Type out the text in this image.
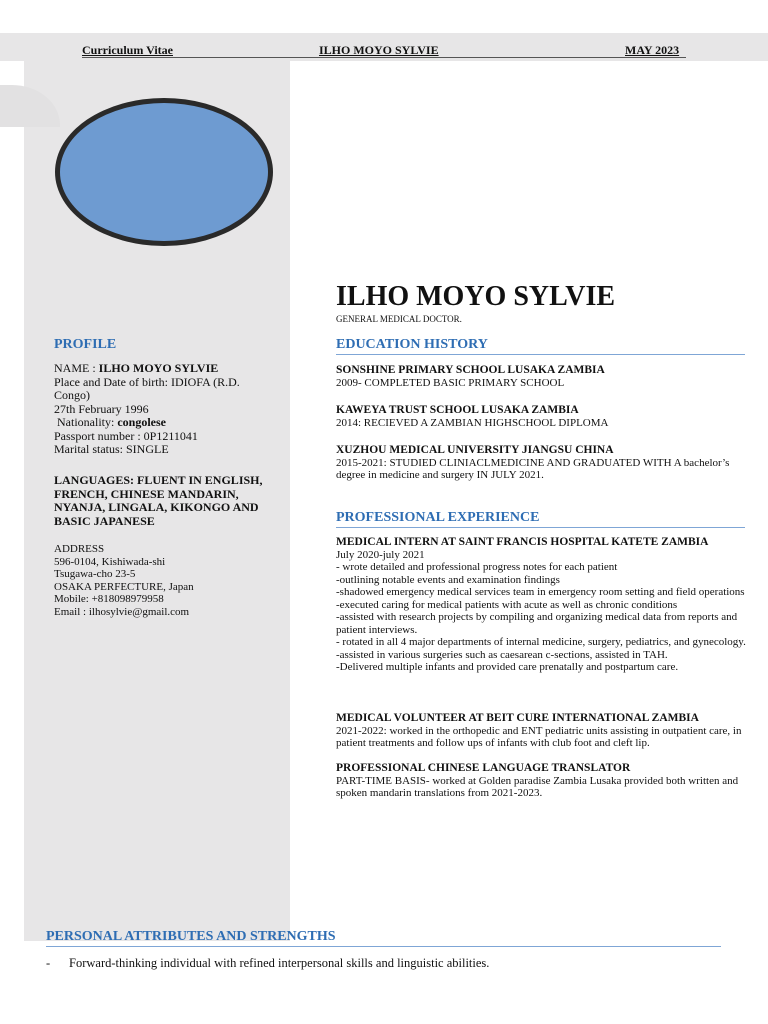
Curriculum Vitae	ILHO MOYO SYLVIE	MAY 2023
ILHO MOYO SYLVIE
GENERAL MEDICAL DOCTOR.
PROFILE
NAME : ILHO MOYO SYLVIE
Place and Date of birth: IDIOFA (R.D. Congo)
27th February 1996
Nationality: congolese
Passport number : 0P1211041
Marital status: SINGLE
LANGUAGES: FLUENT IN ENGLISH, FRENCH, CHINESE MANDARIN, NYANJA, LINGALA, KIKONGO AND BASIC JAPANESE
ADDRESS
596-0104, Kishiwada-shi
Tsugawa-cho 23-5
OSAKA PERFECTURE, Japan
Mobile: +818098979958
Email : ilhosylvie@gmail.com
EDUCATION HISTORY
SONSHINE PRIMARY SCHOOL LUSAKA ZAMBIA
2009- COMPLETED BASIC PRIMARY SCHOOL
KAWEYA TRUST SCHOOL LUSAKA ZAMBIA
2014: RECIEVED A ZAMBIAN HIGHSCHOOL DIPLOMA
XUZHOU MEDICAL UNIVERSITY JIANGSU CHINA
2015-2021: STUDIED CLINIACLMEDICINE AND GRADUATED WITH A bachelor’s degree in medicine and surgery IN JULY 2021.
PROFESSIONAL EXPERIENCE
MEDICAL INTERN AT SAINT FRANCIS HOSPITAL KATETE ZAMBIA
July 2020-july 2021
- wrote detailed and professional progress notes for each patient
-outlining notable events and examination findings
-shadowed emergency medical services team in emergency room setting and field operations
-executed caring for medical patients with acute as well as chronic conditions
-assisted with research projects by compiling and organizing medical data from reports and patient interviews.
- rotated in all 4 major departments of internal medicine, surgery, pediatrics, and gynecology.
-assisted in various surgeries such as caesarean c-sections, assisted in TAH.
-Delivered multiple infants and provided care prenatally and postpartum care.
MEDICAL VOLUNTEER AT BEIT CURE INTERNATIONAL ZAMBIA
2021-2022: worked in the orthopedic and ENT pediatric units assisting in outpatient care, in patient treatments and follow ups of infants with club foot and cleft lip.
PROFESSIONAL CHINESE LANGUAGE TRANSLATOR
PART-TIME BASIS- worked at Golden paradise Zambia Lusaka provided both written and spoken mandarin translations from 2021-2023.
PERSONAL ATTRIBUTES AND STRENGTHS
- Forward-thinking individual with refined interpersonal skills and linguistic abilities.
